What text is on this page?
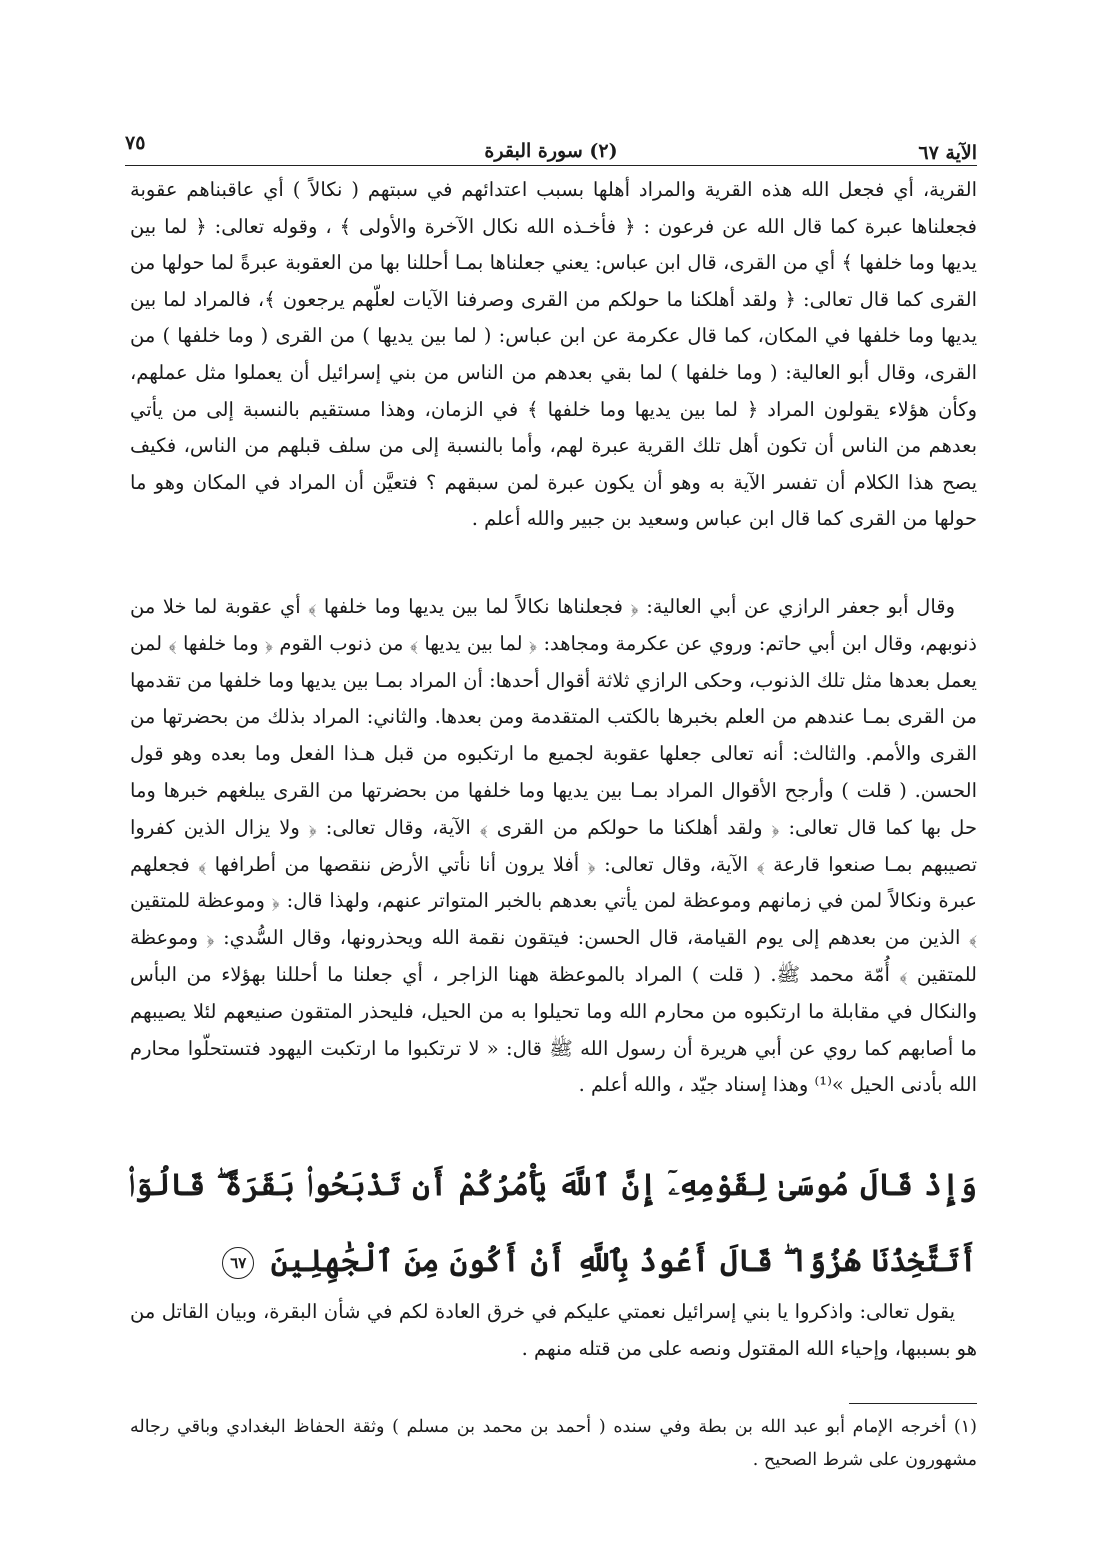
الآية ٦٧
(٢) سورة البقرة
٧٥

القرية، أي فجعل الله هذه القرية والمراد أهلها بسبب اعتدائهم في سبتهم ( نكالاً ) أي عاقبناهم عقوبة فجعلناها عبرة كما قال الله عن فرعون : ﴿ فأخـذه الله نكال الآخرة والأولى ﴾ ، وقوله تعالى: ﴿ لما بين يديها وما خلفها ﴾ أي من القرى، قال ابن عباس: يعني جعلناها بمـا أحللنا بها من العقوبة عبرةً لما حولها من القرى كما قال تعالى: ﴿ ولقد أهلكنا ما حولكم من القرى وصرفنا الآيات لعلّهم يرجعون ﴾، فالمراد لما بين يديها وما خلفها في المكان، كما قال عكرمة عن ابن عباس: ( لما بين يديها ) من القرى ( وما خلفها ) من القرى، وقال أبو العالية: ( وما خلفها ) لما بقي بعدهم من الناس من بني إسرائيل أن يعملوا مثل عملهم، وكأن هؤلاء يقولون المراد ﴿ لما بين يديها وما خلفها ﴾ في الزمان، وهذا مستقيم بالنسبة إلى من يأتي بعدهم من الناس أن تكون أهل تلك القرية عبرة لهم، وأما بالنسبة إلى من سلف قبلهم من الناس، فكيف يصح هذا الكلام أن تفسر الآية به وهو أن يكون عبرة لمن سبقهم ؟ فتعيَّن أن المراد في المكان وهو ما حولها من القرى كما قال ابن عباس وسعيد بن جبير والله أعلم .

وقال أبو جعفر الرازي عن أبي العالية: ﴿ فجعلناها نكالاً لما بين يديها وما خلفها ﴾ أي عقوبة لما خلا من ذنوبهم، وقال ابن أبي حاتم: وروي عن عكرمة ومجاهد: ﴿ لما بين يديها ﴾ من ذنوب القوم ﴿ وما خلفها ﴾ لمن يعمل بعدها مثل تلك الذنوب، وحكى الرازي ثلاثة أقوال أحدها: أن المراد بمـا بين يديها وما خلفها من تقدمها من القرى بمـا عندهم من العلم بخبرها بالكتب المتقدمة ومن بعدها. والثاني: المراد بذلك من بحضرتها من القرى والأمم. والثالث: أنه تعالى جعلها عقوبة لجميع ما ارتكبوه من قبل هـذا الفعل وما بعده وهو قول الحسن. ( قلت ) وأرجح الأقوال المراد بمـا بين يديها وما خلفها من بحضرتها من القرى يبلغهم خبرها وما حل بها كما قال تعالى: ﴿ ولقد أهلكنا ما حولكم من القرى ﴾ الآية، وقال تعالى: ﴿ ولا يزال الذين كفروا تصيبهم بمـا صنعوا قارعة ﴾ الآية، وقال تعالى: ﴿ أفلا يرون أنا نأتي الأرض ننقصها من أطرافها ﴾ فجعلهم عبرة ونكالاً لمن في زمانهم وموعظة لمن يأتي بعدهم بالخبر المتواتر عنهم، ولهذا قال: ﴿ وموعظة للمتقين ﴾ الذين من بعدهم إلى يوم القيامة، قال الحسن: فيتقون نقمة الله ويحذرونها، وقال السُّدي: ﴿ وموعظة للمتقين ﴾ أُمّة محمد ﷺ. ( قلت ) المراد بالموعظة ههنا الزاجر ، أي جعلنا ما أحللنا بهؤلاء من البأس والنكال في مقابلة ما ارتكبوه من محارم الله وما تحيلوا به من الحيل، فليحذر المتقون صنيعهم لئلا يصيبهم ما أصابهم كما روي عن أبي هريرة أن رسول الله ﷺ قال: « لا ترتكبوا ما ارتكبت اليهود فتستحلّوا محارم الله بأدنى الحيل »⁽¹⁾ وهذا إسناد جيّد ، والله أعلم .

وَإِذْ قَالَ مُوسَىٰ لِقَوْمِهِۦٓ إِنَّ ٱللَّهَ يَأْمُرُكُمْ أَن تَذْبَحُوا۟ بَقَرَةً ۖ قَالُوٓا۟ أَتَتَّخِذُنَا هُزُوًا ۖ قَالَ أَعُوذُ بِٱللَّهِ أَنْ أَكُونَ مِنَ ٱلْجَٰهِلِينَ ٦٧

يقول تعالى: واذكروا يا بني إسرائيل نعمتي عليكم في خرق العادة لكم في شأن البقرة، وبيان القاتل من هو بسببها، وإحياء الله المقتول ونصه على من قتله منهم .

(١) أخرجه الإمام أبو عبد الله بن بطة وفي سنده ( أحمد بن محمد بن مسلم ) وثقة الحفاظ البغدادي وباقي رجاله مشهورون على شرط الصحيح .
